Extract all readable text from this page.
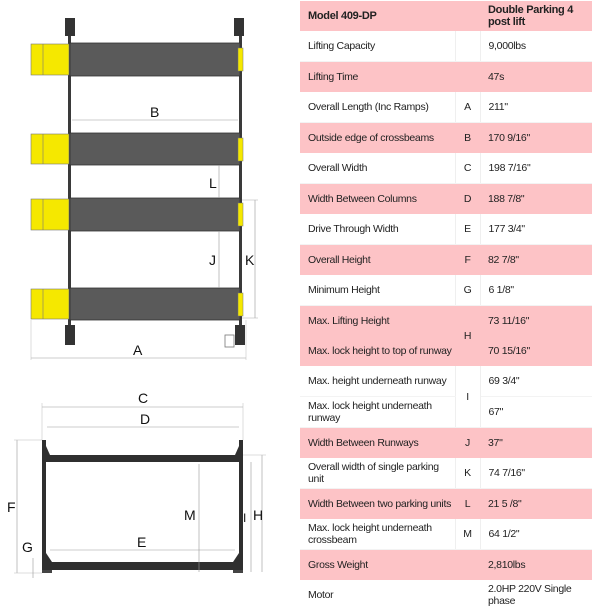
B
L
J K
A
C
D
F
G	E
M	I H
Model 409-DP		Double Parking 4 post lift
Lifting Capacity		9,000lbs
Lifting Time		47s
Overall Length (Inc Ramps)	A	211"
Outside edge of crossbeams	B	170 9/16"
Overall Width	C	198 7/16"
Width Between Columns	D	188 7/8"
Drive Through Width	E	177 3/4"
Overall Height	F	82 7/8"
Minimum Height	G	6 1/8"
Max. Lifting Height	H	73 11/16"
Max. lock height to top of runway		70 15/16"
Max. height underneath runway	I	69 3/4"
Max. lock height underneath runway		67"
Width Between Runways	J	37"
Overall width of single parking unit	K	74 7/16"
Width Between two parking units	L	21 5 /8"
Max. lock height underneath crossbeam	M	64 1/2"
Gross Weight		2,810lbs
Motor		2.0HP 220V Single phase
